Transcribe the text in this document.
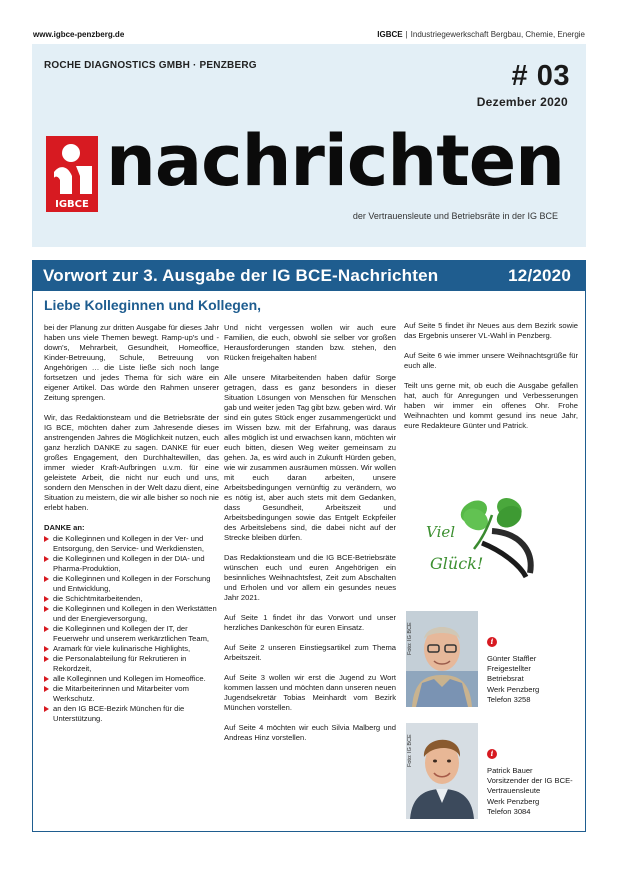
www.igbce-penzberg.de	IGBCE | Industriegewerkschaft Bergbau, Chemie, Energie
ROCHE DIAGNOSTICS GMBH · PENZBERG	# 03
Dezember 2020
IGBCE
nachrichten
der Vertrauensleute und Betriebsräte in der IG BCE
Vorwort zur 3. Ausgabe der IG BCE-Nachrichten	12/2020
Liebe Kolleginnen und Kollegen,

bei der Planung zur dritten Ausgabe für dieses Jahr haben uns viele Themen bewegt. Ramp-up's und -down's, Mehrarbeit, Gesundheit, Homeoffice, Kinder-Betreuung, Schule, Betreuung von Angehörigen … die Liste ließe sich noch lange fortsetzen und jedes Thema für sich wäre ein eigener Artikel. Das würde den Rahmen unserer Zeitung sprengen.

Wir, das Redaktionsteam und die Betriebsräte der IG BCE, möchten daher zum Jahresende dieses anstrengenden Jahres die Möglichkeit nutzen, euch ganz herzlich DANKE zu sagen. DANKE für euer großes Engagement, den Durchhaltewillen, das immer wieder Kraft-Aufbringen u.v.m. für eine geleistete Arbeit, die nicht nur euch und uns, sondern den Menschen in der Welt dazu dient, eine Situation zu meistern, die wir alle bisher so noch nie erlebt haben.

DANKE an:
die Kolleginnen und Kollegen in der Ver- und Entsorgung, den Service- und Werkdiensten,
die Kolleginnen und Kollegen in der DIA- und Pharma-Produktion,
die Kolleginnen und Kollegen in der Forschung und Entwicklung,
die Schichtmitarbeitenden,
die Kolleginnen und Kollegen in den Werkstätten und der Energieversorgung,
die Kolleginnen und Kollegen der IT, der Feuerwehr und unserem werkärztlichen Team,
Aramark für viele kulinarische Highlights,
die Personalabteilung für Rekrutieren in Rekordzeit,
alle Kolleginnen und Kollegen im Homeoffice.
die Mitarbeiterinnen und Mitarbeiter vom Werkschutz.
an den IG BCE-Bezirk München für die Unterstützung.

Und nicht vergessen wollen wir auch eure Familien, die euch, obwohl sie selber vor großen Herausforderungen standen bzw. stehen, den Rücken freigehalten haben!

Alle unsere Mitarbeitenden haben dafür Sorge getragen, dass es ganz besonders in dieser Situation Lösungen von Menschen für Menschen gab und weiter jeden Tag gibt bzw. geben wird. Wir sind ein gutes Stück enger zusammengerückt und im Wissen bzw. mit der Erfahrung, was daraus alles möglich ist und erwachsen kann, möchten wir euch bitten, diesen Weg weiter gemeinsam zu gehen. Ja, es wird auch in Zukunft Hürden geben, wie wir zusammen ausräumen müssen. Wir wollen mit euch daran arbeiten, unsere Arbeitsbedingungen vernünftig zu verändern, wo es nötig ist, aber auch stets mit dem Gedanken, dass Gesundheit, Arbeitszeit und Arbeitsbedingungen sowie das Entgelt Eckpfeiler des Arbeitslebens sind, die dabei nicht auf der Strecke bleiben dürfen.

Das Redaktionsteam und die IG BCE-Betriebsräte wünschen euch und euren Angehörigen ein besinnliches Weihnachtsfest, Zeit zum Abschalten und Erholen und vor allem ein gesundes neues Jahr 2021.

Auf Seite 1 findet ihr das Vorwort und unser herzliches Dankeschön für euren Einsatz.

Auf Seite 2 unseren Einstiegsartikel zum Thema Arbeitszeit.

Auf Seite 3 wollen wir erst die Jugend zu Wort kommen lassen und möchten dann unseren neuen Jugendsekretär Tobias Meinhardt vom Bezirk München vorstellen.

Auf Seite 4 möchten wir euch Silvia Malberg und Andreas Hinz vorstellen.

Auf Seite 5 findet ihr Neues aus dem Bezirk sowie das Ergebnis unserer VL-Wahl in Penzberg.

Auf Seite 6 wie immer unsere Weihnachtsgrüße für euch alle.

Teilt uns gerne mit, ob euch die Ausgabe gefallen hat, auch für Anregungen und Verbesserungen haben wir immer ein offenes Ohr. Frohe Weihnachten und kommt gesund ins neue Jahr, eure Redakteure Günter und Patrick.

Viel
Glück!
Foto: IG BCE	i
Günter Staffler
Freigestellter
Betriebsrat
Werk Penzberg
Telefon 3258
Foto: IG BCE	i
Patrick Bauer
Vorsitzender der IG BCE-
Vertrauensleute
Werk Penzberg
Telefon 3084
